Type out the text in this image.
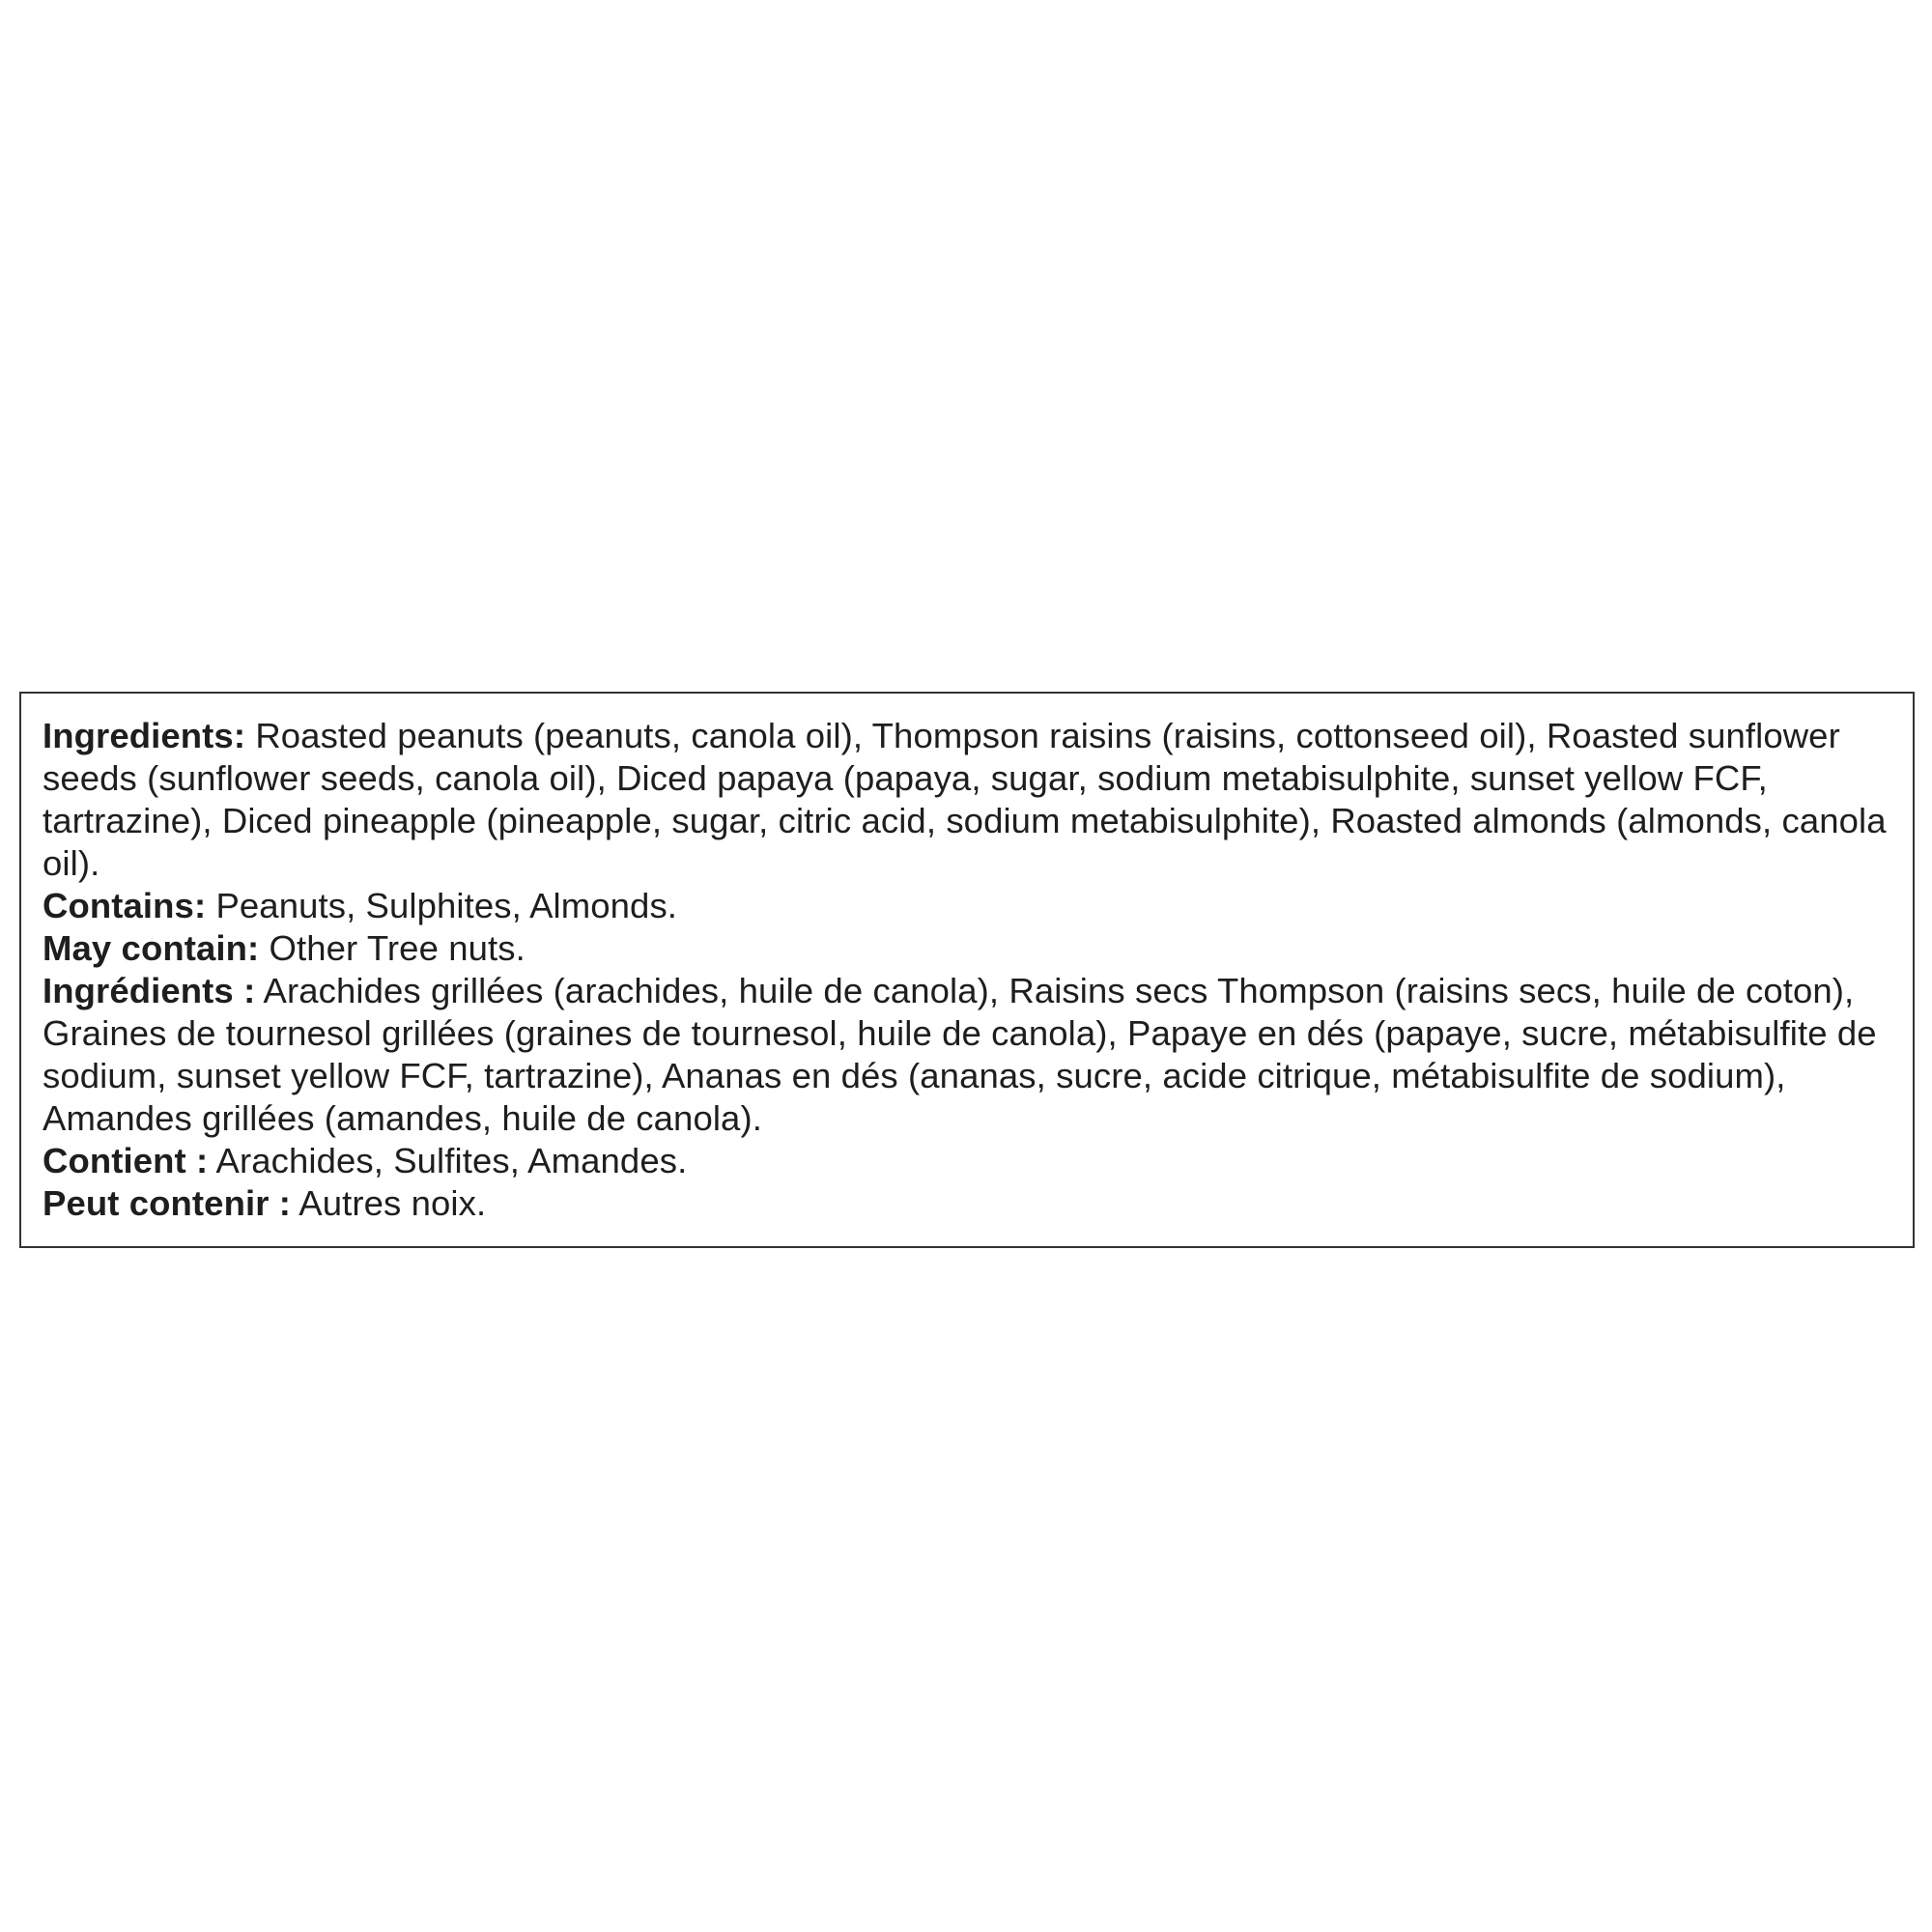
Ingredients: Roasted peanuts (peanuts, canola oil), Thompson raisins (raisins, cottonseed oil), Roasted sunflower seeds (sunflower seeds, canola oil), Diced papaya (papaya, sugar, sodium metabisulphite, sunset yellow FCF, tartrazine), Diced pineapple (pineapple, sugar, citric acid, sodium metabisulphite), Roasted almonds (almonds, canola oil).

Contains: Peanuts, Sulphites, Almonds.

May contain: Other Tree nuts.

Ingrédients : Arachides grillées (arachides, huile de canola), Raisins secs Thompson (raisins secs, huile de coton), Graines de tournesol grillées (graines de tournesol, huile de canola), Papaye en dés (papaye, sucre, métabisulfite de sodium, sunset yellow FCF, tartrazine), Ananas en dés (ananas, sucre, acide citrique, métabisulfite de sodium), Amandes grillées (amandes, huile de canola).

Contient : Arachides, Sulfites, Amandes.

Peut contenir : Autres noix.
